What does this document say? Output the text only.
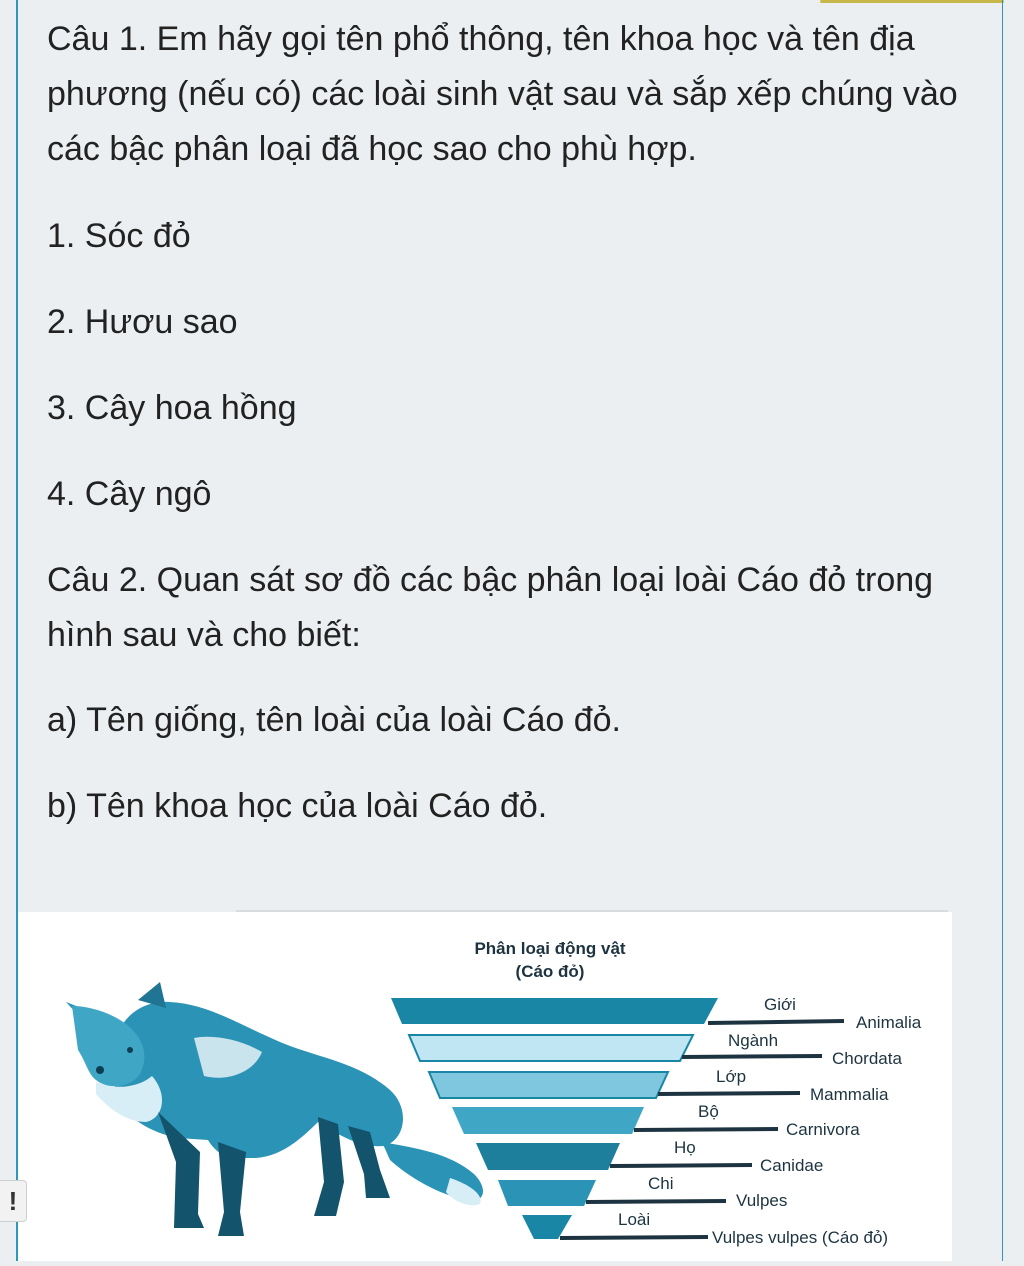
Câu 1. Em hãy gọi tên phổ thông, tên khoa học và tên địa phương (nếu có) các loài sinh vật sau và sắp xếp chúng vào các bậc phân loại đã học sao cho phù hợp.

1. Sóc đỏ

2. Hươu sao

3. Cây hoa hồng

4. Cây ngô

Câu 2. Quan sát sơ đồ các bậc phân loại loài Cáo đỏ trong hình sau và cho biết:

a) Tên giống, tên loài của loài Cáo đỏ.

b) Tên khoa học của loài Cáo đỏ.

Phân loại động vật
(Cáo đỏ)
Giới
Animalia
Ngành
Chordata
Lớp
Mammalia
Bộ
Carnivora
Họ
Canidae
Chi
Vulpes
Loài
Vulpes vulpes (Cáo đỏ)
!
